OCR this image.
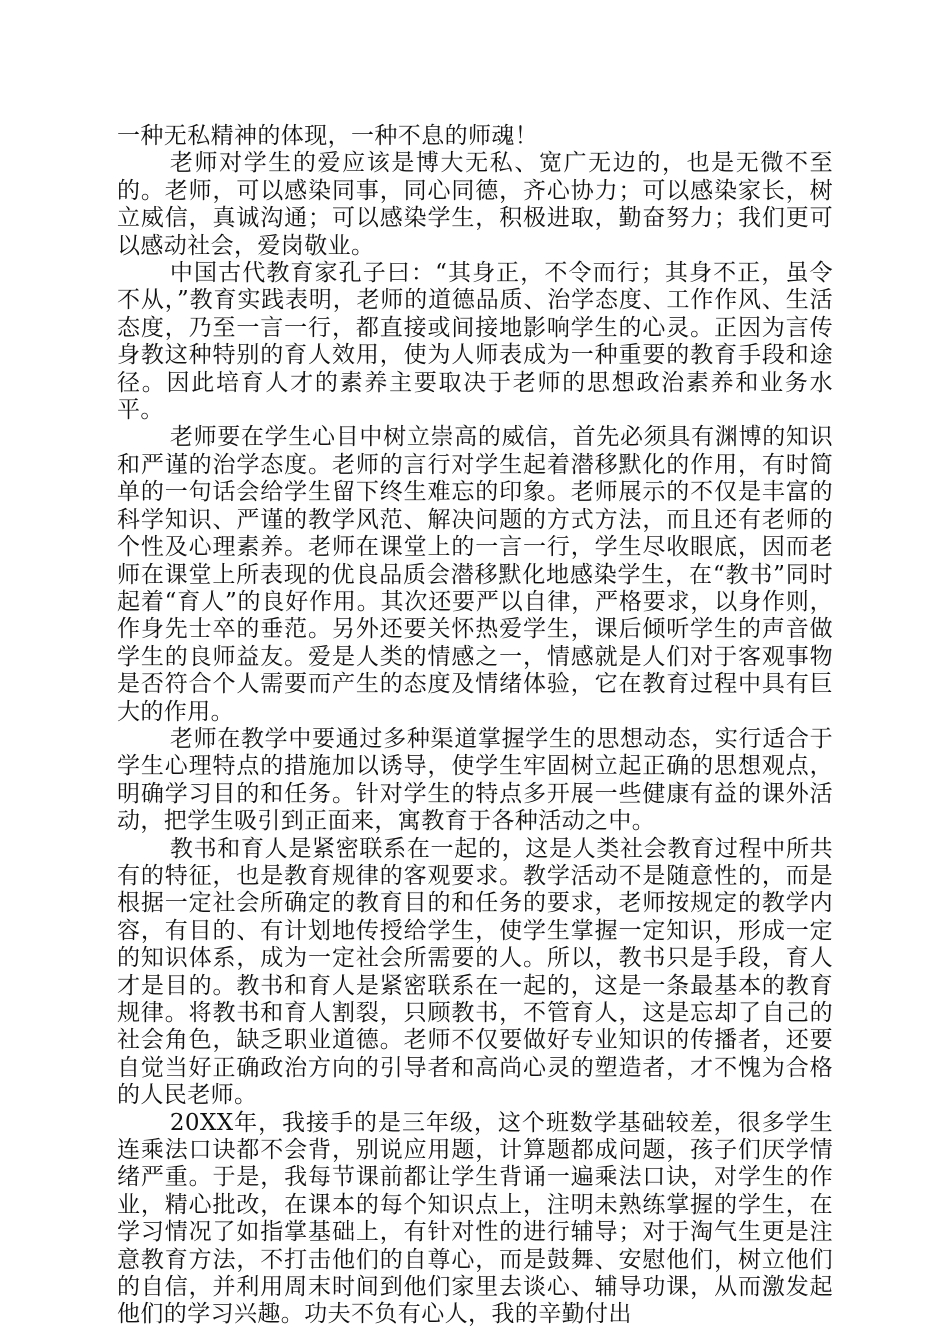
一种无私精神的体现，一种不息的师魂！

老师对学生的爱应该是博大无私、宽广无边的，也是无微不至的。老师，可以感染同事，同心同德，齐心协力；可以感染家长，树立威信，真诚沟通；可以感染学生，积极进取，勤奋努力；我们更可以感动社会，爱岗敬业。

中国古代教育家孔子曰：“其身正，不令而行；其身不正，虽令不从，”教育实践表明，老师的道德品质、治学态度、工作作风、生活态度，乃至一言一行，都直接或间接地影响学生的心灵。正因为言传身教这种特别的育人效用，使为人师表成为一种重要的教育手段和途径。因此培育人才的素养主要取决于老师的思想政治素养和业务水平。

老师要在学生心目中树立崇高的威信，首先必须具有渊博的知识和严谨的治学态度。老师的言行对学生起着潜移默化的作用，有时简单的一句话会给学生留下终生难忘的印象。老师展示的不仅是丰富的科学知识、严谨的教学风范、解决问题的方式方法，而且还有老师的个性及心理素养。老师在课堂上的一言一行，学生尽收眼底，因而老师在课堂上所表现的优良品质会潜移默化地感染学生，在“教书”同时起着“育人”的良好作用。其次还要严以自律，严格要求，以身作则，作身先士卒的垂范。另外还要关怀热爱学生，课后倾听学生的声音做学生的良师益友。爱是人类的情感之一，情感就是人们对于客观事物是否符合个人需要而产生的态度及情绪体验，它在教育过程中具有巨大的作用。

老师在教学中要通过多种渠道掌握学生的思想动态，实行适合于学生心理特点的措施加以诱导，使学生牢固树立起正确的思想观点，明确学习目的和任务。针对学生的特点多开展一些健康有益的课外活动，把学生吸引到正面来，寓教育于各种活动之中。

教书和育人是紧密联系在一起的，这是人类社会教育过程中所共有的特征，也是教育规律的客观要求。教学活动不是随意性的，而是根据一定社会所确定的教育目的和任务的要求，老师按规定的教学内容，有目的、有计划地传授给学生，使学生掌握一定知识，形成一定的知识体系，成为一定社会所需要的人。所以，教书只是手段，育人才是目的。教书和育人是紧密联系在一起的，这是一条最基本的教育规律。将教书和育人割裂，只顾教书，不管育人，这是忘却了自己的社会角色，缺乏职业道德。老师不仅要做好专业知识的传播者，还要自觉当好正确政治方向的引导者和高尚心灵的塑造者，才不愧为合格的人民老师。

20XX年，我接手的是三年级，这个班数学基础较差，很多学生连乘法口诀都不会背，别说应用题，计算题都成问题，孩子们厌学情绪严重。于是，我每节课前都让学生背诵一遍乘法口诀，对学生的作业，精心批改，在课本的每个知识点上，注明未熟练掌握的学生，在学习情况了如指掌基础上，有针对性的进行辅导；对于淘气生更是注意教育方法，不打击他们的自尊心，而是鼓舞、安慰他们，树立他们的自信，并利用周末时间到他们家里去谈心、辅导功课，从而激发起他们的学习兴趣。功夫不负有心人，我的辛勤付出
